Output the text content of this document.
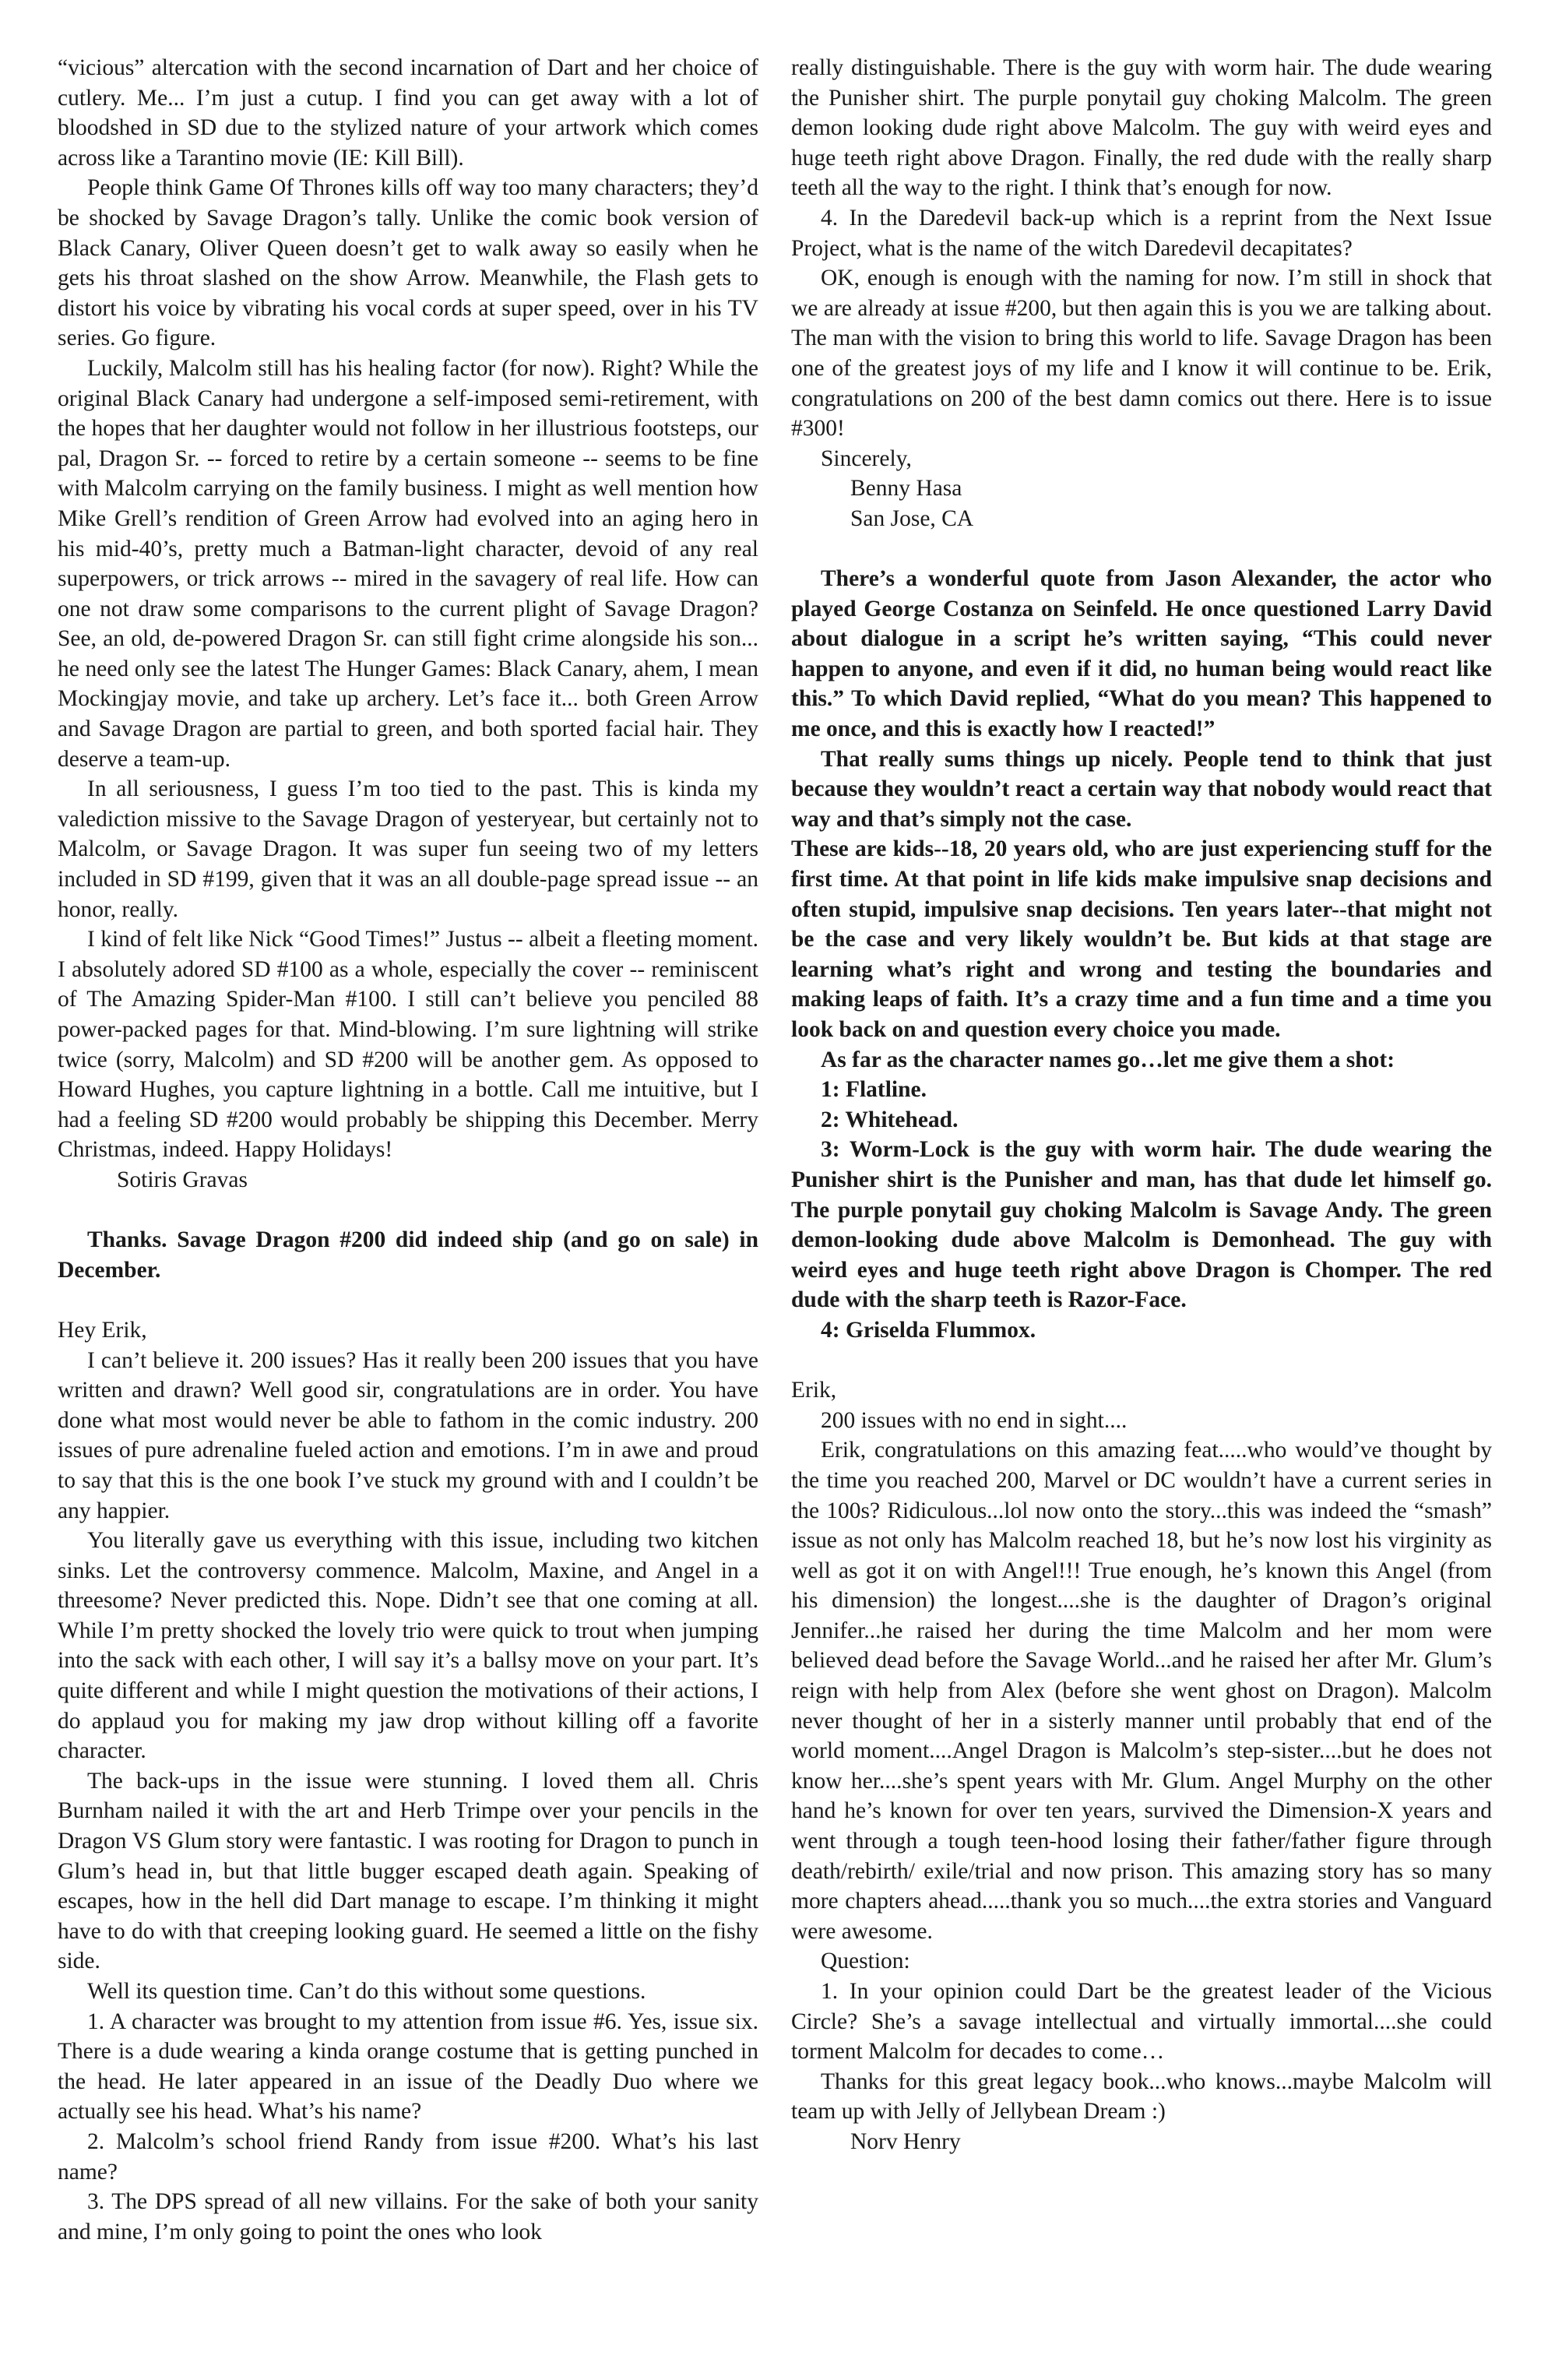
“vicious” altercation with the second incarnation of Dart and her choice of cutlery. Me... I’m just a cutup. I find you can get away with a lot of bloodshed in SD due to the stylized nature of your artwork which comes across like a Tarantino movie (IE: Kill Bill).

People think Game Of Thrones kills off way too many characters; they’d be shocked by Savage Dragon’s tally. Unlike the comic book version of Black Canary, Oliver Queen doesn’t get to walk away so easily when he gets his throat slashed on the show Arrow. Meanwhile, the Flash gets to distort his voice by vibrating his vocal cords at super speed, over in his TV series. Go figure.

Luckily, Malcolm still has his healing factor (for now). Right? While the original Black Canary had undergone a self-imposed semi-retirement, with the hopes that her daughter would not follow in her illustrious footsteps, our pal, Dragon Sr. -- forced to retire by a certain someone -- seems to be fine with Malcolm carrying on the family business. I might as well mention how Mike Grell’s rendition of Green Arrow had evolved into an aging hero in his mid-40’s, pretty much a Batman-light character, devoid of any real superpowers, or trick arrows -- mired in the savagery of real life. How can one not draw some comparisons to the current plight of Savage Dragon? See, an old, de-powered Dragon Sr. can still fight crime alongside his son... he need only see the latest The Hunger Games: Black Canary, ahem, I mean Mockingjay movie, and take up archery. Let’s face it... both Green Arrow and Savage Dragon are partial to green, and both sported facial hair. They deserve a team-up.

In all seriousness, I guess I’m too tied to the past. This is kinda my valediction missive to the Savage Dragon of yesteryear, but certainly not to Malcolm, or Savage Dragon. It was super fun seeing two of my letters included in SD #199, given that it was an all double-page spread issue -- an honor, really.

I kind of felt like Nick “Good Times!” Justus -- albeit a fleeting moment. I absolutely adored SD #100 as a whole, especially the cover -- reminiscent of The Amazing Spider-Man #100. I still can’t believe you penciled 88 power-packed pages for that. Mind-blowing. I’m sure lightning will strike twice (sorry, Malcolm) and SD #200 will be another gem. As opposed to Howard Hughes, you capture lightning in a bottle. Call me intuitive, but I had a feeling SD #200 would probably be shipping this December. Merry Christmas, indeed. Happy Holidays!

Sotiris Gravas

Thanks. Savage Dragon #200 did indeed ship (and go on sale) in December.

Hey Erik,

I can’t believe it. 200 issues? Has it really been 200 issues that you have written and drawn? Well good sir, congratulations are in order. You have done what most would never be able to fathom in the comic industry. 200 issues of pure adrenaline fueled action and emotions. I’m in awe and proud to say that this is the one book I’ve stuck my ground with and I couldn’t be any happier.

You literally gave us everything with this issue, including two kitchen sinks. Let the controversy commence. Malcolm, Maxine, and Angel in a threesome? Never predicted this. Nope. Didn’t see that one coming at all. While I’m pretty shocked the lovely trio were quick to trout when jumping into the sack with each other, I will say it’s a ballsy move on your part. It’s quite different and while I might question the motivations of their actions, I do applaud you for making my jaw drop without killing off a favorite character.

The back-ups in the issue were stunning. I loved them all. Chris Burnham nailed it with the art and Herb Trimpe over your pencils in the Dragon VS Glum story were fantastic. I was rooting for Dragon to punch in Glum’s head in, but that little bugger escaped death again. Speaking of escapes, how in the hell did Dart manage to escape. I’m thinking it might have to do with that creeping looking guard. He seemed a little on the fishy side.

Well its question time. Can’t do this without some questions.

1. A character was brought to my attention from issue #6. Yes, issue six. There is a dude wearing a kinda orange costume that is getting punched in the head. He later appeared in an issue of the Deadly Duo where we actually see his head. What’s his name?

2. Malcolm’s school friend Randy from issue #200. What’s his last name?

3. The DPS spread of all new villains. For the sake of both your sanity and mine, I’m only going to point the ones who look

really distinguishable. There is the guy with worm hair. The dude wearing the Punisher shirt. The purple ponytail guy choking Malcolm. The green demon looking dude right above Malcolm. The guy with weird eyes and huge teeth right above Dragon. Finally, the red dude with the really sharp teeth all the way to the right. I think that’s enough for now.

4. In the Daredevil back-up which is a reprint from the Next Issue Project, what is the name of the witch Daredevil decapitates?

OK, enough is enough with the naming for now. I’m still in shock that we are already at issue #200, but then again this is you we are talking about. The man with the vision to bring this world to life. Savage Dragon has been one of the greatest joys of my life and I know it will continue to be. Erik, congratulations on 200 of the best damn comics out there. Here is to issue #300!

Sincerely,

Benny Hasa

San Jose, CA

There’s a wonderful quote from Jason Alexander, the actor who played George Costanza on Seinfeld. He once questioned Larry David about dialogue in a script he’s written saying, “This could never happen to anyone, and even if it did, no human being would react like this.” To which David replied, “What do you mean? This happened to me once, and this is exactly how I reacted!”

That really sums things up nicely. People tend to think that just because they wouldn’t react a certain way that nobody would react that way and that’s simply not the case.

These are kids--18, 20 years old, who are just experiencing stuff for the first time. At that point in life kids make impulsive snap decisions and often stupid, impulsive snap decisions. Ten years later--that might not be the case and very likely wouldn’t be. But kids at that stage are learning what’s right and wrong and testing the boundaries and making leaps of faith. It’s a crazy time and a fun time and a time you look back on and question every choice you made.

As far as the character names go…let me give them a shot:

1: Flatline.

2: Whitehead.

3: Worm-Lock is the guy with worm hair. The dude wearing the Punisher shirt is the Punisher and man, has that dude let himself go. The purple ponytail guy choking Malcolm is Savage Andy. The green demon-looking dude above Malcolm is Demonhead. The guy with weird eyes and huge teeth right above Dragon is Chomper. The red dude with the sharp teeth is Razor-Face.

4: Griselda Flummox.

Erik,

200 issues with no end in sight....

Erik, congratulations on this amazing feat.....who would’ve thought by the time you reached 200, Marvel or DC wouldn’t have a current series in the 100s? Ridiculous...lol now onto the story...this was indeed the “smash” issue as not only has Malcolm reached 18, but he’s now lost his virginity as well as got it on with Angel!!! True enough, he’s known this Angel (from his dimension) the longest....she is the daughter of Dragon’s original Jennifer...he raised her during the time Malcolm and her mom were believed dead before the Savage World...and he raised her after Mr. Glum’s reign with help from Alex (before she went ghost on Dragon). Malcolm never thought of her in a sisterly manner until probably that end of the world moment....Angel Dragon is Malcolm’s step-sister....but he does not know her....she’s spent years with Mr. Glum. Angel Murphy on the other hand he’s known for over ten years, survived the Dimension-X years and went through a tough teen-hood losing their father/father figure through death/rebirth/ exile/trial and now prison. This amazing story has so many more chapters ahead.....thank you so much....the extra stories and Vanguard were awesome.

Question:

1. In your opinion could Dart be the greatest leader of the Vicious Circle? She’s a savage intellectual and virtually immortal....she could torment Malcolm for decades to come…

Thanks for this great legacy book...who knows...maybe Malcolm will team up with Jelly of Jellybean Dream :)

Norv Henry
